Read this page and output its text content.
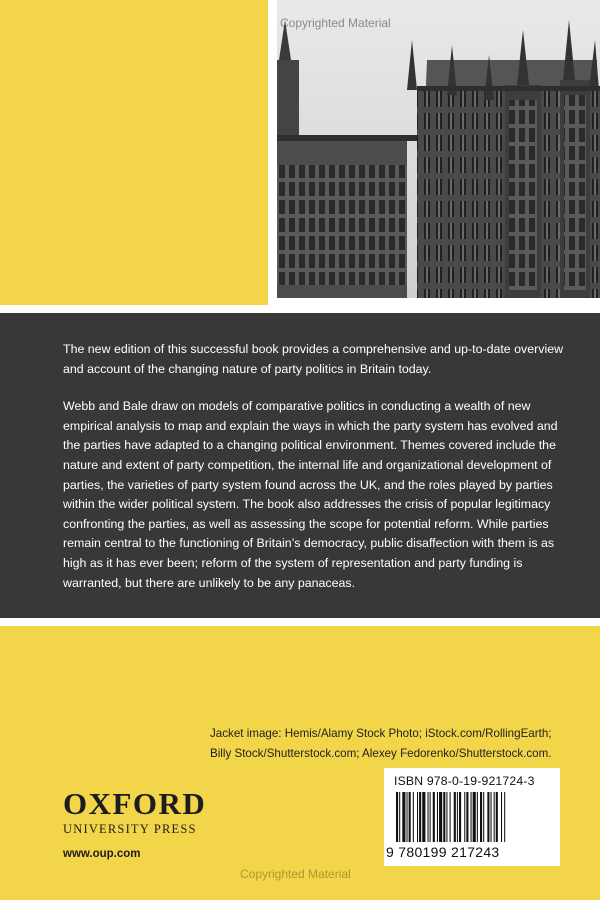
Copyrighted Material

The new edition of this successful book provides a comprehensive and up-to-date overview and account of the changing nature of party politics in Britain today.

Webb and Bale draw on models of comparative politics in conducting a wealth of new empirical analysis to map and explain the ways in which the party system has evolved and the parties have adapted to a changing political environment. Themes covered include the nature and extent of party competition, the internal life and organizational development of parties, the varieties of party system found across the UK, and the roles played by parties within the wider political system. The book also addresses the crisis of popular legitimacy confronting the parties, as well as assessing the scope for potential reform. While parties remain central to the functioning of Britain’s democracy, public disaffection with them is as high as it has ever been; reform of the system of representation and party funding is warranted, but there are unlikely to be any panaceas.

Jacket image: Hemis/Alamy Stock Photo; iStock.com/RollingEarth;
Billy Stock/Shutterstock.com; Alexey Fedorenko/Shutterstock.com.
OXFORD
UNIVERSITY PRESS
www.oup.com
ISBN 978-0-19-921724-3
9 780199 217243
Copyrighted Material
